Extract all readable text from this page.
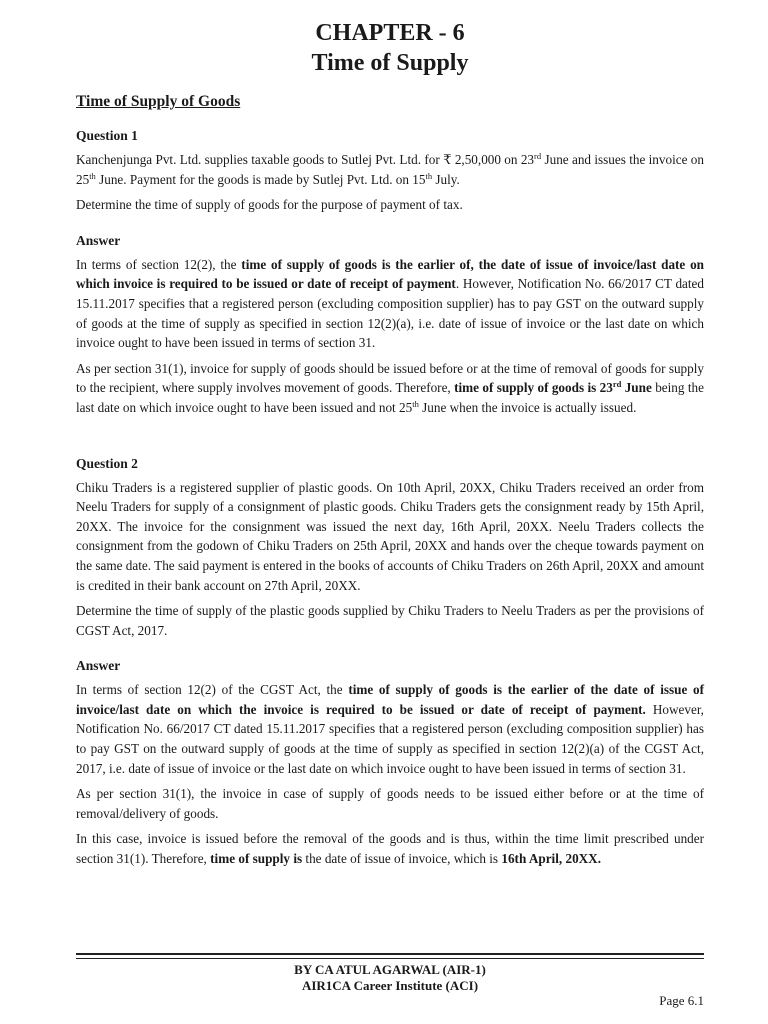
CHAPTER - 6
Time of Supply
Time of Supply of Goods
Question 1

Kanchenjunga Pvt. Ltd. supplies taxable goods to Sutlej Pvt. Ltd. for ₹ 2,50,000 on 23rd June and issues the invoice on 25th June. Payment for the goods is made by Sutlej Pvt. Ltd. on 15th July.

Determine the time of supply of goods for the purpose of payment of tax.

Answer

In terms of section 12(2), the time of supply of goods is the earlier of, the date of issue of invoice/last date on which invoice is required to be issued or date of receipt of payment. However, Notification No. 66/2017 CT dated 15.11.2017 specifies that a registered person (excluding composition supplier) has to pay GST on the outward supply of goods at the time of supply as specified in section 12(2)(a), i.e. date of issue of invoice or the last date on which invoice ought to have been issued in terms of section 31.

As per section 31(1), invoice for supply of goods should be issued before or at the time of removal of goods for supply to the recipient, where supply involves movement of goods. Therefore, time of supply of goods is 23rd June being the last date on which invoice ought to have been issued and not 25th June when the invoice is actually issued.

Question 2

Chiku Traders is a registered supplier of plastic goods. On 10th April, 20XX, Chiku Traders received an order from Neelu Traders for supply of a consignment of plastic goods. Chiku Traders gets the consignment ready by 15th April, 20XX. The invoice for the consignment was issued the next day, 16th April, 20XX. Neelu Traders collects the consignment from the godown of Chiku Traders on 25th April, 20XX and hands over the cheque towards payment on the same date. The said payment is entered in the books of accounts of Chiku Traders on 26th April, 20XX and amount is credited in their bank account on 27th April, 20XX.

Determine the time of supply of the plastic goods supplied by Chiku Traders to Neelu Traders as per the provisions of CGST Act, 2017.

Answer

In terms of section 12(2) of the CGST Act, the time of supply of goods is the earlier of the date of issue of invoice/last date on which the invoice is required to be issued or date of receipt of payment. However, Notification No. 66/2017 CT dated 15.11.2017 specifies that a registered person (excluding composition supplier) has to pay GST on the outward supply of goods at the time of supply as specified in section 12(2)(a) of the CGST Act, 2017, i.e. date of issue of invoice or the last date on which invoice ought to have been issued in terms of section 31.

As per section 31(1), the invoice in case of supply of goods needs to be issued either before or at the time of removal/delivery of goods.

In this case, invoice is issued before the removal of the goods and is thus, within the time limit prescribed under section 31(1). Therefore, time of supply is the date of issue of invoice, which is 16th April, 20XX.

BY CA ATUL AGARWAL (AIR-1)
AIR1CA Career Institute (ACI)
Page 6.1
